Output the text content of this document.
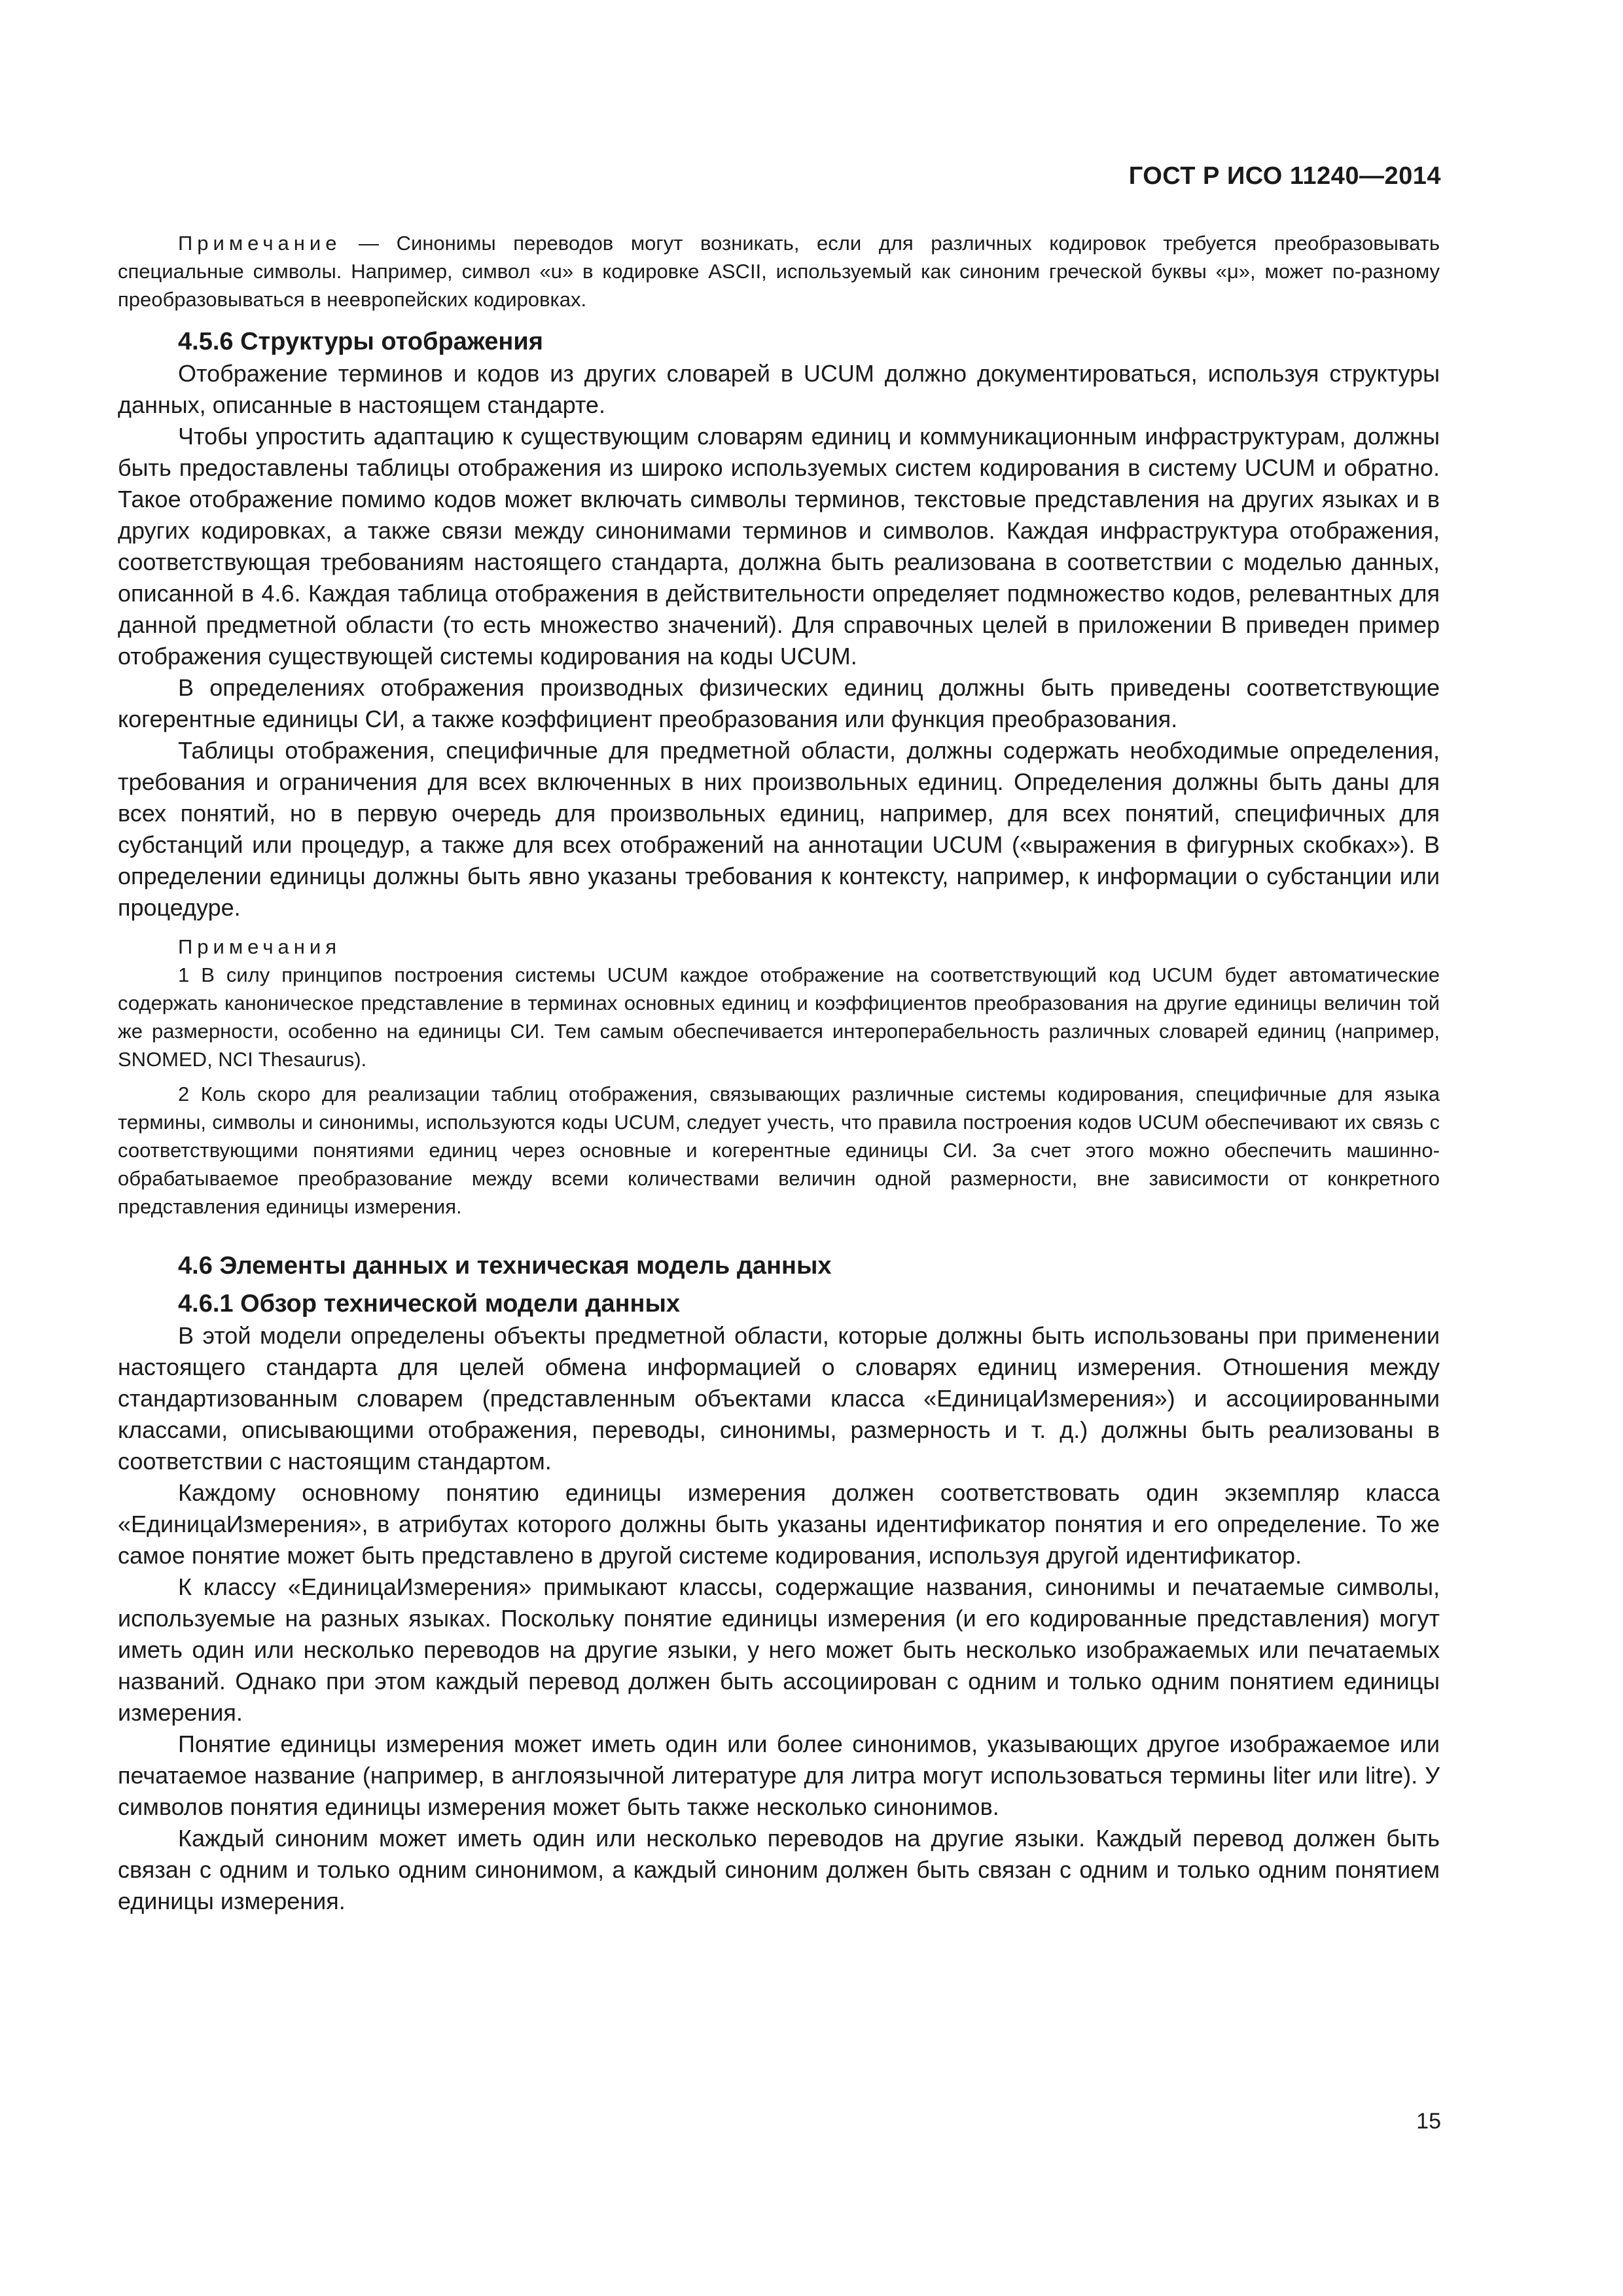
ГОСТ Р ИСО 11240—2014

Примечание — Синонимы переводов могут возникать, если для различных кодировок требуется преобразовывать специальные символы. Например, символ «u» в кодировке ASCII, используемый как синоним греческой буквы «μ», может по-разному преобразовываться в неевропейских кодировках.

4.5.6 Структуры отображения

Отображение терминов и кодов из других словарей в UCUM должно документироваться, используя структуры данных, описанные в настоящем стандарте.

Чтобы упростить адаптацию к существующим словарям единиц и коммуникационным инфраструктурам, должны быть предоставлены таблицы отображения из широко используемых систем кодирования в систему UCUM и обратно. Такое отображение помимо кодов может включать символы терминов, текстовые представления на других языках и в других кодировках, а также связи между синонимами терминов и символов. Каждая инфраструктура отображения, соответствующая требованиям настоящего стандарта, должна быть реализована в соответствии с моделью данных, описанной в 4.6. Каждая таблица отображения в действительности определяет подмножество кодов, релевантных для данной предметной области (то есть множество значений). Для справочных целей в приложении В приведен пример отображения существующей системы кодирования на коды UCUM.

В определениях отображения производных физических единиц должны быть приведены соответствующие когерентные единицы СИ, а также коэффициент преобразования или функция преобразования.

Таблицы отображения, специфичные для предметной области, должны содержать необходимые определения, требования и ограничения для всех включенных в них произвольных единиц. Определения должны быть даны для всех понятий, но в первую очередь для произвольных единиц, например, для всех понятий, специфичных для субстанций или процедур, а также для всех отображений на аннотации UCUM («выражения в фигурных скобках»). В определении единицы должны быть явно указаны требования к контексту, например, к информации о субстанции или процедуре.

Примечания

1 В силу принципов построения системы UCUM каждое отображение на соответствующий код UCUM будет автоматические содержать каноническое представление в терминах основных единиц и коэффициентов преобразования на другие единицы величин той же размерности, особенно на единицы СИ. Тем самым обеспечивается интероперабельность различных словарей единиц (например, SNOMED, NCI Thesaurus).

2 Коль скоро для реализации таблиц отображения, связывающих различные системы кодирования, специфичные для языка термины, символы и синонимы, используются коды UCUM, следует учесть, что правила построения кодов UCUM обеспечивают их связь с соответствующими понятиями единиц через основные и когерентные единицы СИ. За счет этого можно обеспечить машинно-обрабатываемое преобразование между всеми количествами величин одной размерности, вне зависимости от конкретного представления единицы измерения.

4.6 Элементы данных и техническая модель данных
4.6.1 Обзор технической модели данных

В этой модели определены объекты предметной области, которые должны быть использованы при применении настоящего стандарта для целей обмена информацией о словарях единиц измерения. Отношения между стандартизованным словарем (представленным объектами класса «ЕдиницаИзмерения») и ассоциированными классами, описывающими отображения, переводы, синонимы, размерность и т. д.) должны быть реализованы в соответствии с настоящим стандартом.

Каждому основному понятию единицы измерения должен соответствовать один экземпляр класса «ЕдиницаИзмерения», в атрибутах которого должны быть указаны идентификатор понятия и его определение. То же самое понятие может быть представлено в другой системе кодирования, используя другой идентификатор.

К классу «ЕдиницаИзмерения» примыкают классы, содержащие названия, синонимы и печатаемые символы, используемые на разных языках. Поскольку понятие единицы измерения (и его кодированные представления) могут иметь один или несколько переводов на другие языки, у него может быть несколько изображаемых или печатаемых названий. Однако при этом каждый перевод должен быть ассоциирован с одним и только одним понятием единицы измерения.

Понятие единицы измерения может иметь один или более синонимов, указывающих другое изображаемое или печатаемое название (например, в англоязычной литературе для литра могут использоваться термины liter или litre). У символов понятия единицы измерения может быть также несколько синонимов.

Каждый синоним может иметь один или несколько переводов на другие языки. Каждый перевод должен быть связан с одним и только одним синонимом, а каждый синоним должен быть связан с одним и только одним понятием единицы измерения.

15
